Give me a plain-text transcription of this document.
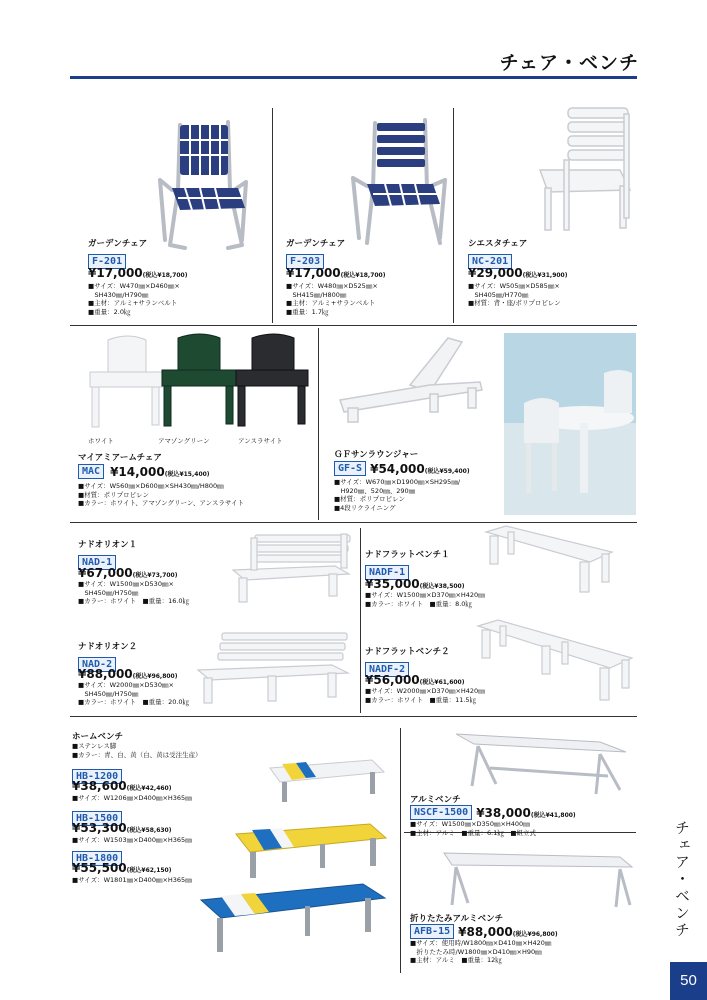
チェア・ベンチ
ガーデンチェア
F-201
¥17,000(税込¥18,700)
■サイズ：W470㎜×D460㎜×
　SH430㎜/H790㎜
■主材：アルミ+サランベルト
■重量：2.0㎏
ガーデンチェア
F-203
¥17,000(税込¥18,700)
■サイズ：W480㎜×D525㎜×
　SH415㎜/H800㎜
■主材：アルミ+サランベルト
■重量：1.7㎏
シエスタチェア
NC-201
¥29,000(税込¥31,900)
■サイズ：W505㎜×D585㎜×
　SH405㎜/H770㎜
■材質：背・座/ポリプロピレン
ホワイト	アマゾングリーン	アンスラサイト
マイアミアームチェア
MAC ¥14,000(税込¥15,400)
■サイズ：W560㎜×D600㎜×SH430㎜/H800㎜
■材質：ポリプロピレン
■カラー：ホワイト、アマゾングリーン、アンスラサイト
ＧＦサンラウンジャー
GF-S ¥54,000(税込¥59,400)
■サイズ：W670㎜×D1900㎜×SH295㎜/
　H920㎜、520㎜、290㎜
■材質：ポリプロピレン
■4段リクライニング
ナドオリオン１
NAD-1
¥67,000(税込¥73,700)
■サイズ：W1500㎜×D530㎜×
　SH450㎜/H750㎜
■カラー：ホワイト　■重量：16.0㎏
ナドオリオン２
NAD-2
¥88,000(税込¥96,800)
■サイズ：W2000㎜×D530㎜×
　SH450㎜/H750㎜
■カラー：ホワイト　■重量：20.0㎏
ナドフラットベンチ１
NADF-1
¥35,000(税込¥38,500)
■サイズ：W1500㎜×D370㎜×H420㎜
■カラー：ホワイト　■重量：8.0㎏
ナドフラットベンチ２
NADF-2
¥56,000(税込¥61,600)
■サイズ：W2000㎜×D370㎜×H420㎜
■カラー：ホワイト　■重量：11.5㎏
ホームベンチ
■ステンレス脚
■カラー：青、白、黄（白、黄は受注生産）
HB-1200
¥38,600(税込¥42,460)
■サイズ：W1206㎜×D400㎜×H365㎜
HB-1500
¥53,300(税込¥58,630)
■サイズ：W1503㎜×D400㎜×H365㎜
HB-1800
¥55,500(税込¥62,150)
■サイズ：W1801㎜×D400㎜×H365㎜
アルミベンチ
NSCF-1500 ¥38,000(税込¥41,800)
■サイズ：W1500㎜×D350㎜×H400㎜
■主材：アルミ　■重量：6.1㎏　■組立式
折りたたみアルミベンチ
AFB-15 ¥88,000(税込¥96,800)
■サイズ：使用時/W1800㎜×D410㎜×H420㎜
　折りたたみ時/W1800㎜×D410㎜×H90㎜
■主材：アルミ　■重量：12㎏
チェア・ベンチ
50
